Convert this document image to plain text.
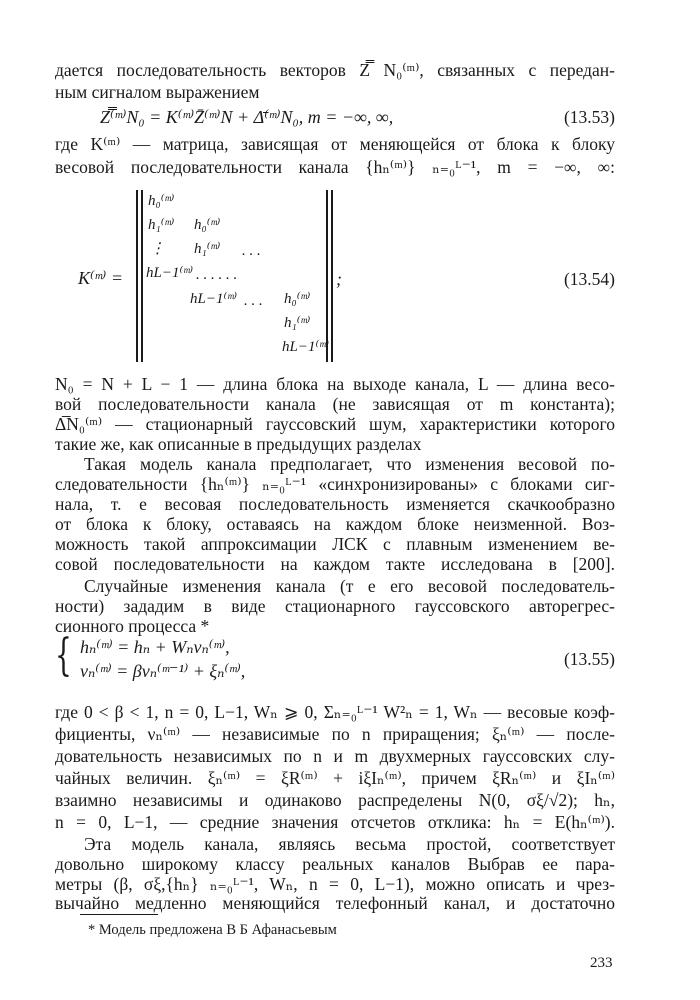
дается последовательность векторов Z̿ N₀⁽ᵐ⁾, связанных с передан-
ным сигналом выражением
Z̿⁽ᵐ⁾N₀ = K⁽ᵐ⁾Z̄⁽ᵐ⁾N + Δ̄⁽ᵐ⁾N₀, m = −∞, ∞,	(13.53)
где K⁽ᵐ⁾ — матрица, зависящая от меняющейся от блока к блоку
весовой последовательности канала {hₙ⁽ᵐ⁾} ₙ₌₀ᴸ⁻¹, m = −∞, ∞:
K⁽ᵐ⁾ =
h₀⁽ᵐ⁾
h₁⁽ᵐ⁾ h₀⁽ᵐ⁾
⋮ h₁⁽ᵐ⁾ . . .
hL−1⁽ᵐ⁾ . . . . . .
hL−1⁽ᵐ⁾ . . . h₀⁽ᵐ⁾
h₁⁽ᵐ⁾
hL−1⁽ᵐ⁾
;	(13.54)
N₀ = N + L − 1 — длина блока на выходе канала, L — длина весо-
вой последовательности канала (не зависящая от m константа);
Δ̅N₀⁽ᵐ⁾ — стационарный гауссовский шум, характеристики которого
такие же, как описанные в предыдущих разделах
Такая модель канала предполагает, что изменения весовой по-
следовательности {hₙ⁽ᵐ⁾} ₙ₌₀ᴸ⁻¹ «синхронизированы» с блоками сиг-
нала, т. е весовая последовательность изменяется скачкообразно
от блока к блоку, оставаясь на каждом блоке неизменной. Воз-
можность такой аппроксимации ЛСК с плавным изменением ве-
совой последовательности на каждом такте исследована в [200].
Случайные изменения канала (т е его весовой последователь-
ности) зададим в виде стационарного гауссовского авторегрес-
сионного процесса *
{ hₙ⁽ᵐ⁾ = hₙ + Wₙνₙ⁽ᵐ⁾,
νₙ⁽ᵐ⁾ = βνₙ⁽ᵐ⁻¹⁾ + ξₙ⁽ᵐ⁾,
(13.55)
где 0 < β < 1, n = 0, L−1, Wₙ ⩾ 0, Σₙ₌₀ᴸ⁻¹ W²ₙ = 1, Wₙ — весовые коэф-
фициенты, νₙ⁽ᵐ⁾ — независимые по n приращения; ξₙ⁽ᵐ⁾ — после-
довательность независимых по n и m двухмерных гауссовских слу-
чайных величин. ξₙ⁽ᵐ⁾ = ξR⁽ᵐ⁾ + iξIₙ⁽ᵐ⁾, причем ξRₙ⁽ᵐ⁾ и ξIₙ⁽ᵐ⁾
взаимно независимы и одинаково распределены N(0, σξ/√2); hₙ,
n = 0, L−1, — средние значения отсчетов отклика: hₙ = E(hₙ⁽ᵐ⁾).
Эта модель канала, являясь весьма простой, соответствует
довольно широкому классу реальных каналов Выбрав ее пара-
метры (β, σξ,{hₙ} ₙ₌₀ᴸ⁻¹, Wₙ, n = 0, L−1), можно описать и чрез-
* Модель предложена В Б Афанасьевым
233
вычайно медленно меняющийся телефонный канал, и достаточно
